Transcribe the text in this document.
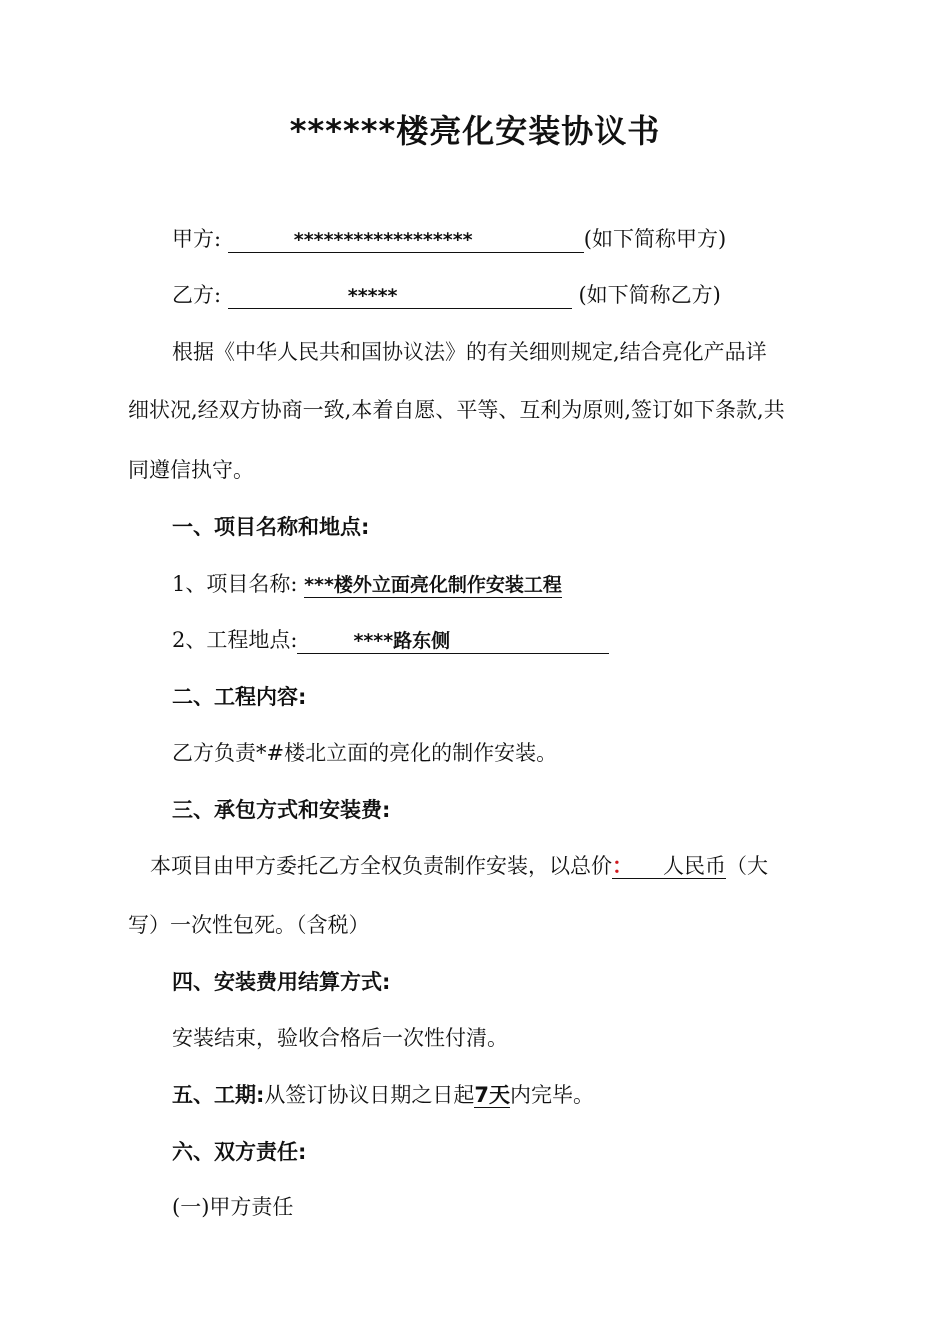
******楼亮化安装协议书
甲方:	******************	(如下简称甲方)
乙方:	*****	(如下简称乙方)
根据《中华人民共和国协议法》的有关细则规定,结合亮化产品详
细状况,经双方协商一致,本着自愿、平等、互利为原则,签订如下条款,共
同遵信执守。
一、项目名称和地点:
1、项目名称: ***楼外立面亮化制作安装工程
2、工程地点:	****路东侧
二、工程内容:
乙方负责*#楼北立面的亮化的制作安装。
三、承包方式和安装费:
本项目由甲方委托乙方全权负责制作安装，以总价： 人民币（大
写）一次性包死。（含税）
四、安装费用结算方式:
安装结束，验收合格后一次性付清。
五、工期:从签订协议日期之日起7天内完毕。
六、双方责任:
(一)甲方责任
